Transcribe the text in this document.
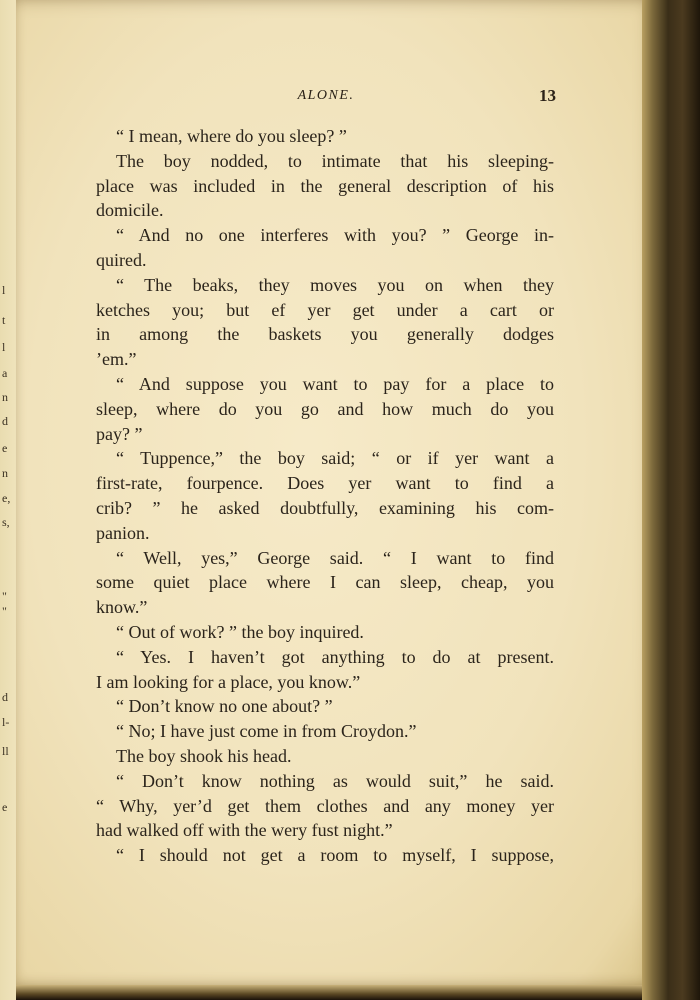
l
t
l
a
n
d
e
n
e,
s,
"
"
d
l-
ll
e
ALONE.	13
“ I mean, where do you sleep? ”
The boy nodded, to intimate that his sleeping-
place was included in the general description of his
domicile.
“ And no one interferes with you? ” George in-
quired.
“ The beaks, they moves you on when they
ketches you; but ef yer get under a cart or
in among the baskets you generally dodges
’em.”
“ And suppose you want to pay for a place to
sleep, where do you go and how much do you
pay? ”
“ Tuppence,” the boy said; “ or if yer want a
first-rate, fourpence. Does yer want to find a
crib? ” he asked doubtfully, examining his com-
panion.
“ Well, yes,” George said. “ I want to find
some quiet place where I can sleep, cheap, you
know.”
“ Out of work? ” the boy inquired.
“ Yes. I haven’t got anything to do at present.
I am looking for a place, you know.”
“ Don’t know no one about? ”
“ No; I have just come in from Croydon.”
The boy shook his head.
“ Don’t know nothing as would suit,” he said.
“ Why, yer’d get them clothes and any money yer
had walked off with the wery fust night.”
“ I should not get a room to myself, I suppose,
